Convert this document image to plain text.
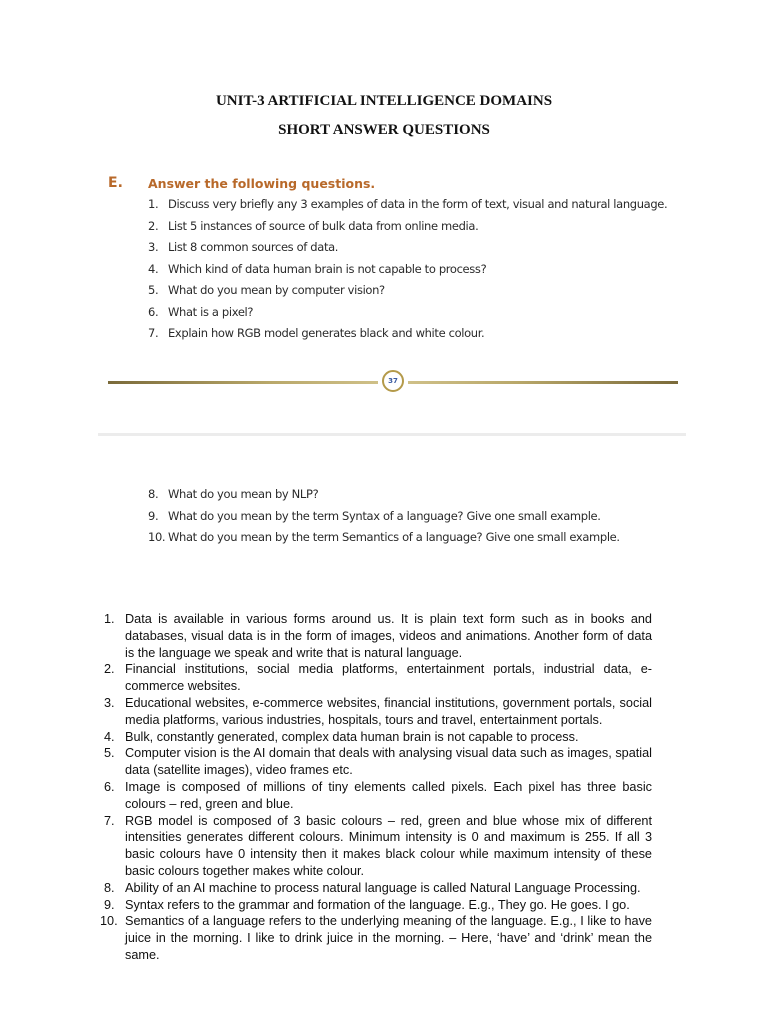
UNIT-3 ARTIFICIAL INTELLIGENCE DOMAINS
SHORT ANSWER QUESTIONS
E. Answer the following questions.
1. Discuss very briefly any 3 examples of data in the form of text, visual and natural language.
2. List 5 instances of source of bulk data from online media.
3. List 8 common sources of data.
4. Which kind of data human brain is not capable to process?
5. What do you mean by computer vision?
6. What is a pixel?
7. Explain how RGB model generates black and white colour.
37
8. What do you mean by NLP?
9. What do you mean by the term Syntax of a language? Give one small example.
10. What do you mean by the term Semantics of a language? Give one small example.
1. Data is available in various forms around us. It is plain text form such as in books and databases, visual data is in the form of images, videos and animations. Another form of data is the language we speak and write that is natural language.
2. Financial institutions, social media platforms, entertainment portals, industrial data, e-commerce websites.
3. Educational websites, e-commerce websites, financial institutions, government portals, social media platforms, various industries, hospitals, tours and travel, entertainment portals.
4. Bulk, constantly generated, complex data human brain is not capable to process.
5. Computer vision is the AI domain that deals with analysing visual data such as images, spatial data (satellite images), video frames etc.
6. Image is composed of millions of tiny elements called pixels. Each pixel has three basic colours – red, green and blue.
7. RGB model is composed of 3 basic colours – red, green and blue whose mix of different intensities generates different colours. Minimum intensity is 0 and maximum is 255. If all 3 basic colours have 0 intensity then it makes black colour while maximum intensity of these basic colours together makes white colour.
8. Ability of an AI machine to process natural language is called Natural Language Processing.
9. Syntax refers to the grammar and formation of the language. E.g., They go. He goes. I go.
10. Semantics of a language refers to the underlying meaning of the language. E.g., I like to have juice in the morning. I like to drink juice in the morning. – Here, ‘have’ and ‘drink’ mean the same.
